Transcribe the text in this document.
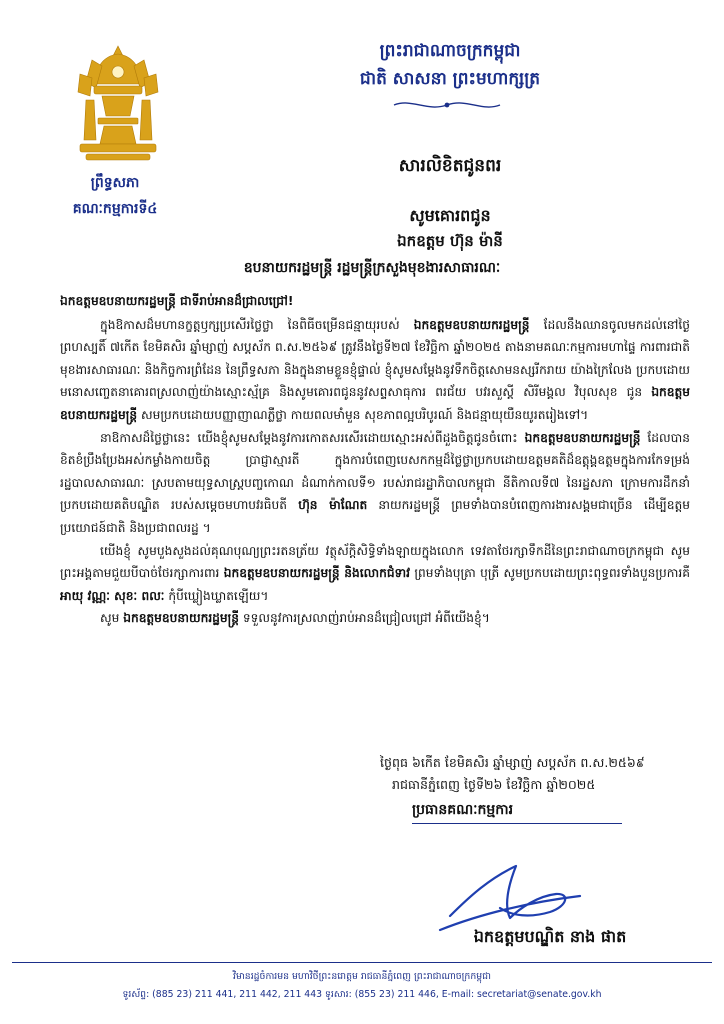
ព្រះរាជាណាចក្រកម្ពុជា
ជាតិ សាសនា ព្រះមហាក្សត្រ
ព្រឹទ្ធសភា
គណៈកម្មការទី៤
សារលិខិតជូនពរ
សូមគោរពជូន
ឯកឧត្តម ហ៊ុន ម៉ានី
ឧបនាយករដ្ឋមន្ត្រី រដ្ឋមន្ត្រីក្រសួងមុខងារសាធារណៈ

ឯកឧត្តមឧបនាយករដ្ឋមន្ត្រី ជាទីរាប់អានដ៏ជ្រាលជ្រៅ!

ក្នុងឱកាសដ៏មហានក្ខត្តឫក្សប្រសើរថ្លៃថ្លា នៃពិធីចម្រើនជន្មាយុរបស់ ឯកឧត្តមឧបនាយករដ្ឋមន្ត្រី ដែលនឹងឈានចូលមកដល់នៅថ្ងៃព្រហស្បតិ៍ ៧កើត ខែមិគសិរ ឆ្នាំម្សាញ់ សប្តស័ក ព.ស.២៥៦៩ ត្រូវនឹងថ្ងៃទី២៧ ខែវិច្ឆិកា ឆ្នាំ២០២៥ តាងនាមគណៈកម្មការមហាផ្ទៃ ការពារជាតិ មុខងារសាធារណៈ និងកិច្ចការព្រំដែន នៃព្រឹទ្ធសភា និងក្នុងនាមខ្លួនខ្ញុំផ្ទាល់ ខ្ញុំសូមសម្តែងនូវទឹកចិត្តសោមនស្សរីករាយ យ៉ាងក្រៃលែង ប្រកបដោយមនោសញ្ចេតនាគោរពស្រលាញ់យ៉ាងស្មោះស្ម័គ្រ និងសូមគោរពជូននូវសព្ទសាធុការ ពរជ័យ បវរសួស្តី សិរីមង្គល វិបុលសុខ ជូន ឯកឧត្តមឧបនាយករដ្ឋមន្ត្រី សមប្រកបដោយបញ្ញាញាណភ្លឺថ្លា កាយពលមាំមួន សុខភាពល្អបរិបូរណ៍ និងជន្មាយុយឺនយូរតរៀងទៅ។

នាឱកាសដ៏ថ្លៃថ្លានេះ យើងខ្ញុំសូមសម្តែងនូវការកោតសរសើរដោយស្មោះអស់ពីដួងចិត្តជូនចំពោះ ឯកឧត្តមឧបនាយករដ្ឋមន្ត្រី ដែលបានខិតខំប្រឹងប្រែងអស់កម្លាំងកាយចិត្ត ប្រាជ្ញាស្មារតី ក្នុងការបំពេញបេសកកម្មដ៏ថ្លៃថ្លាប្រកបដោយឧត្តមគតិដ៏ឧត្តុង្គឧត្តមក្នុងការកែទម្រង់រដ្ឋបាលសាធារណៈ ស្របតាមយុទ្ធសាស្ត្របញ្ចកោណ ដំណាក់កាលទី១ របស់រាជរដ្ឋាភិបាលកម្ពុជា នីតិកាលទី៧ នៃរដ្ឋសភា ក្រោមការដឹកនាំប្រកបដោយគតិបណ្ឌិត របស់សម្តេចមហាបវរធិបតី ហ៊ុន ម៉ាណែត នាយករដ្ឋមន្ត្រី ព្រមទាំងបានបំពេញការងារសង្គមជាច្រើន ដើម្បីឧត្តមប្រយោជន៍ជាតិ និងប្រជាពលរដ្ឋ ។

យើងខ្ញុំ សូមបួងសួងដល់គុណបុណ្យព្រះរតនត្រ័យ វត្ថុស័ក្តិសិទ្ធិទាំងឡាយក្នុងលោក ទេវតាថែរក្សាទឹកដីនៃព្រះរាជាណាចក្រកម្ពុជា សូមព្រះអង្គតាមជួយបីបាច់ថែរក្សាការពារ ឯកឧត្តមឧបនាយករដ្ឋមន្ត្រី និងលោកជំទាវ ព្រមទាំងបុត្រា បុត្រី សូមប្រកបដោយព្រះពុទ្ធពរទាំងបួនប្រការគឺ អាយុ វណ្ណៈ សុខៈ ពលៈ កុំបីឃ្លៀងឃ្លាតឡើយ។

សូម ឯកឧត្តមឧបនាយករដ្ឋមន្ត្រី ទទួលនូវការស្រលាញ់រាប់អានដ៏ជ្រៀលជ្រៅ អំពីយើងខ្ញុំ។

ថ្ងៃពុធ ៦កើត ខែមិគសិរ ឆ្នាំម្សាញ់ សប្តស័ក ព.ស.២៥៦៩
រាជធានីភ្នំពេញ ថ្ងៃទី២៦ ខែវិច្ឆិកា ឆ្នាំ២០២៥
ប្រធានគណៈកម្មការ
ឯកឧត្តមបណ្ឌិត នាង ផាត
វិមានរដ្ឋចំការមន មហាវិថីព្រះនរោត្តម រាជធានីភ្នំពេញ ព្រះរាជាណាចក្រកម្ពុជា
ទូរស័ព្ទ: (885 23) 211 441, 211 442, 211 443 ទូរសារ: (855 23) 211 446, E-mail: secretariat@senate.gov.kh
